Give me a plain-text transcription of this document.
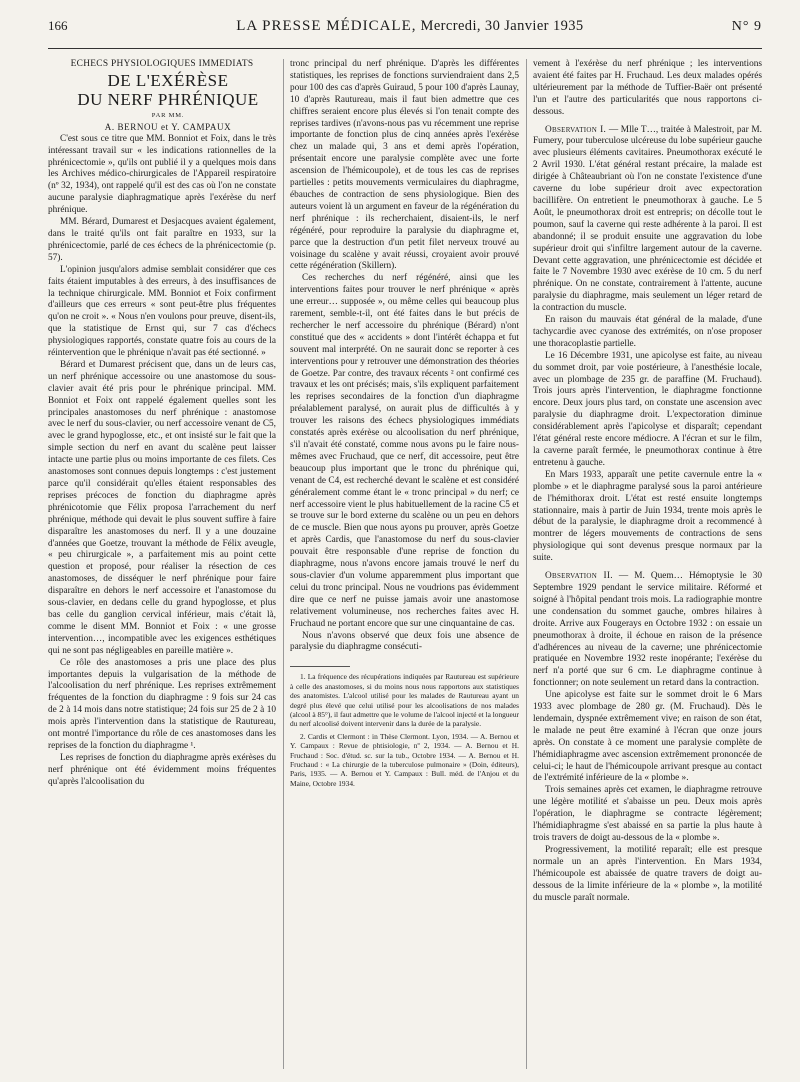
166	LA PRESSE MÉDICALE, Mercredi, 30 Janvier 1935	N° 9

ÉCHECS PHYSIOLOGIQUES IMMÉDIATS

DE L'EXÉRÈSE

DU NERF PHRÉNIQUE

PAR MM.

A. BERNOU et Y. CAMPAUX

C'est sous ce titre que MM. Bonniot et Foix, dans le très intéressant travail sur « les indications rationnelles de la phrénicectomie », qu'ils ont publié il y a quelques mois dans les Archives médico-chirurgicales de l'Appareil respiratoire (nº 32, 1934), ont rappelé qu'il est des cas où l'on ne constate aucune paralysie diaphragmatique après l'exérèse du nerf phrénique.

MM. Bérard, Dumarest et Desjacques avaient également, dans le traité qu'ils ont fait paraître en 1933, sur la phrénicectomie, parlé de ces échecs de la phrénicectomie (p. 57).

L'opinion jusqu'alors admise semblait considérer que ces faits étaient imputables à des erreurs, à des insuffisances de la technique chirurgicale. MM. Bonniot et Foix confirment d'ailleurs que ces erreurs « sont peut-être plus fréquentes qu'on ne croit ». « Nous n'en voulons pour preuve, disent-ils, que la statistique de Ernst qui, sur 7 cas d'échecs physiologiques rapportés, constate quatre fois au cours de la réintervention que le phrénique n'avait pas été sectionné. »

Bérard et Dumarest précisent que, dans un de leurs cas, un nerf phrénique accessoire ou une anastomose du sous-clavier avait été pris pour le phrénique principal. MM. Bonniot et Foix ont rappelé également quelles sont les principales anastomoses du nerf phrénique : anastomose avec le nerf du sous-clavier, ou nerf accessoire venant de C5, avec le grand hypoglosse, etc., et ont insisté sur le fait que la simple section du nerf en avant du scalène peut laisser intacte une partie plus ou moins importante de ces filets. Ces anastomoses sont connues depuis longtemps : c'est justement parce qu'il considérait qu'elles étaient responsables des reprises précoces de fonction du diaphragme après phrénicotomie que Félix proposa l'arrachement du nerf phrénique, méthode qui devait le plus souvent suffire à faire disparaître les anastomoses du nerf. Il y a une douzaine d'années que Goetze, trouvant la méthode de Félix aveugle, « peu chirurgicale », a parfaitement mis au point cette question et proposé, pour réaliser la résection de ces anastomoses, de disséquer le nerf phrénique pour faire disparaître en dehors le nerf accessoire et l'anastomose du sous-clavier, en dedans celle du grand hypoglosse, et plus bas celle du ganglion cervical inférieur, mais c'était là, comme le disent MM. Bonniot et Foix : « une grosse intervention…, incompatible avec les exigences esthétiques qui ne sont pas négligeables en pareille matière ».

Ce rôle des anastomoses a pris une place des plus importantes depuis la vulgarisation de la méthode de l'alcoolisation du nerf phrénique. Les reprises extrêmement fréquentes de la fonction du diaphragme : 9 fois sur 24 cas de 2 à 14 mois dans notre statistique; 24 fois sur 25 de 2 à 10 mois après l'intervention dans la statistique de Rautureau, ont montré l'importance du rôle de ces anastomoses dans les reprises de la fonction du diaphragme ¹.

Les reprises de fonction du diaphragme après exérèses du nerf phrénique ont été évidemment moins fréquentes qu'après l'alcoolisation du

tronc principal du nerf phrénique. D'après les différentes statistiques, les reprises de fonctions surviendraient dans 2,5 pour 100 des cas d'après Guiraud, 5 pour 100 d'après Launay, 10 d'après Rautureau, mais il faut bien admettre que ces chiffres seraient encore plus élevés si l'on tenait compte des reprises tardives (n'avons-nous pas vu récemment une reprise importante de fonction plus de cinq années après l'exérèse chez un malade qui, 3 ans et demi après l'opération, présentait encore une paralysie complète avec une forte ascension de l'hémicoupole), et de tous les cas de reprises partielles : petits mouvements vermiculaires du diaphragme, ébauches de contraction de sens physiologique. Bien des auteurs voient là un argument en faveur de la régénération du nerf phrénique : ils recherchaient, disaient-ils, le nerf régénéré, pour reproduire la paralysie du diaphragme et, parce que la destruction d'un petit filet nerveux trouvé au voisinage du scalène y avait réussi, croyaient avoir prouvé cette régénération (Skillern).

Ces recherches du nerf régénéré, ainsi que les interventions faites pour trouver le nerf phrénique « après une erreur… supposée », ou même celles qui beaucoup plus rarement, semble-t-il, ont été faites dans le but précis de rechercher le nerf accessoire du phrénique (Bérard) n'ont constitué que des « accidents » dont l'intérêt échappa et fut souvent mal interprété. On ne saurait donc se reporter à ces interventions pour y retrouver une démonstration des théories de Goetze. Par contre, des travaux récents ² ont confirmé ces travaux et les ont précisés; mais, s'ils expliquent parfaitement les reprises secondaires de la fonction d'un diaphragme préalablement paralysé, on aurait plus de difficultés à y trouver les raisons des échecs physiologiques immédiats constatés après exérèse ou alcoolisation du nerf phrénique, s'il n'avait été constaté, comme nous avons pu le faire nous-mêmes avec Fruchaud, que ce nerf, dit accessoire, peut être beaucoup plus important que le tronc du phrénique qui, venant de C4, est recherché devant le scalène et est considéré généralement comme étant le « tronc principal » du nerf; ce nerf accessoire vient le plus habituellement de la racine C5 et se trouve sur le bord externe du scalène ou un peu en dehors de ce muscle. Bien que nous ayons pu prouver, après Goetze et après Cardis, que l'anastomose du nerf du sous-clavier pouvait être responsable d'une reprise de fonction du diaphragme, nous n'avons encore jamais trouvé le nerf du sous-clavier d'un volume apparemment plus important que celui du tronc principal. Nous ne voudrions pas évidemment dire que ce nerf ne puisse jamais avoir une anastomose relativement volumineuse, nos recherches faites avec H. Fruchaud ne portant encore que sur une cinquantaine de cas.

Nous n'avons observé que deux fois une absence de paralysie du diaphragme consécuti-

1. La fréquence des récupérations indiquées par Rautureau est supérieure à celle des anastomoses, si du moins nous nous rapportons aux statistiques des anatomistes. L'alcool utilisé pour les malades de Rautureau ayant un degré plus élevé que celui utilisé pour les alcoolisations de nos malades (alcool à 85°), il faut admettre que le volume de l'alcool injecté et la longueur du nerf alcoolisé doivent intervenir dans la durée de la paralysie.

2. Cardis et Clermont : in Thèse Clermont. Lyon, 1934. — A. Bernou et Y. Campaux : Revue de phtisiologie, nº 2, 1934. — A. Bernou et H. Fruchaud : Soc. d'étud. sc. sur la tub., Octobre 1934. — A. Bernou et H. Fruchaud : « La chirurgie de la tuberculose pulmonaire » (Doin, éditeurs), Paris, 1935. — A. Bernou et Y. Campaux : Bull. méd. de l'Anjou et du Maine, Octobre 1934.

vement à l'exérèse du nerf phrénique ; les interventions avaient été faites par H. Fruchaud. Les deux malades opérés ultérieurement par la méthode de Tuffier-Baër ont présenté l'un et l'autre des particularités que nous rapportons ci-dessous.

Observation I. — Mlle T…, traitée à Malestroit, par M. Fumery, pour tuberculose ulcéreuse du lobe supérieur gauche avec plusieurs éléments cavitaires. Pneumothorax exécuté le 2 Avril 1930. L'état général restant précaire, la malade est dirigée à Châteaubriant où l'on ne constate l'existence d'une caverne du lobe supérieur droit avec expectoration bacillifère. On entretient le pneumothorax à gauche. Le 5 Août, le pneumothorax droit est entrepris; on décolle tout le poumon, sauf la caverne qui reste adhérente à la paroi. Il est abandonné; il se produit ensuite une aggravation du lobe supérieur droit qui s'infiltre largement autour de la caverne. Devant cette aggravation, une phrénicectomie est décidée et faite le 7 Novembre 1930 avec exérèse de 10 cm. 5 du nerf phrénique. On ne constate, contrairement à l'attente, aucune paralysie du diaphragme, mais seulement un léger retard de la contraction du muscle.

En raison du mauvais état général de la malade, d'une tachycardie avec cyanose des extrémités, on n'ose proposer une thoracoplastie partielle.

Le 16 Décembre 1931, une apicolyse est faite, au niveau du sommet droit, par voie postérieure, à l'anesthésie locale, avec un plombage de 235 gr. de paraffine (M. Fruchaud). Trois jours après l'intervention, le diaphragme fonctionne encore. Deux jours plus tard, on constate une ascension avec paralysie du diaphragme droit. L'expectoration diminue considérablement après l'apicolyse et disparaît; cependant l'état général reste encore médiocre. A l'écran et sur le film, la caverne paraît fermée, le pneumothorax continue à être entretenu à gauche.

En Mars 1933, apparaît une petite cavernule entre la « plombe » et le diaphragme paralysé sous la paroi antérieure de l'hémithorax droit. L'état est resté ensuite longtemps stationnaire, mais à partir de Juin 1934, trente mois après le début de la paralysie, le diaphragme droit a recommencé à montrer de légers mouvements de contractions de sens physiologique qui sont devenus presque normaux par la suite.

Observation II. — M. Quem… Hémoptysie le 30 Septembre 1929 pendant le service militaire. Réformé et soigné à l'hôpital pendant trois mois. La radiographie montre une condensation du sommet gauche, ombres hilaires à droite. Arrive aux Fougerays en Octobre 1932 : on essaie un pneumothorax à droite, il échoue en raison de la présence d'adhérences au niveau de la caverne; une phrénicectomie pratiquée en Novembre 1932 reste inopérante; l'exérèse du nerf n'a porté que sur 6 cm. Le diaphragme continue à fonctionner; on note seulement un retard dans la contraction.

Une apicolyse est faite sur le sommet droit le 6 Mars 1933 avec plombage de 280 gr. (M. Fruchaud). Dès le lendemain, dyspnée extrêmement vive; en raison de son état, le malade ne peut être examiné à l'écran que onze jours après. On constate à ce moment une paralysie complète de l'hémidiaphragme avec ascension extrêmement prononcée de celui-ci; le haut de l'hémicoupole arrivant presque au contact de l'extrémité inférieure de la « plombe ».

Trois semaines après cet examen, le diaphragme retrouve une légère motilité et s'abaisse un peu. Deux mois après l'opération, le diaphragme se contracte légèrement; l'hémidiaphragme s'est abaissé en sa partie la plus haute à trois travers de doigt au-dessous de la « plombe ».

Progressivement, la motilité reparaît; elle est presque normale un an après l'intervention. En Mars 1934, l'hémicoupole est abaissée de quatre travers de doigt au-dessous de la limite inférieure de la « plombe », la motilité du muscle paraît normale.
